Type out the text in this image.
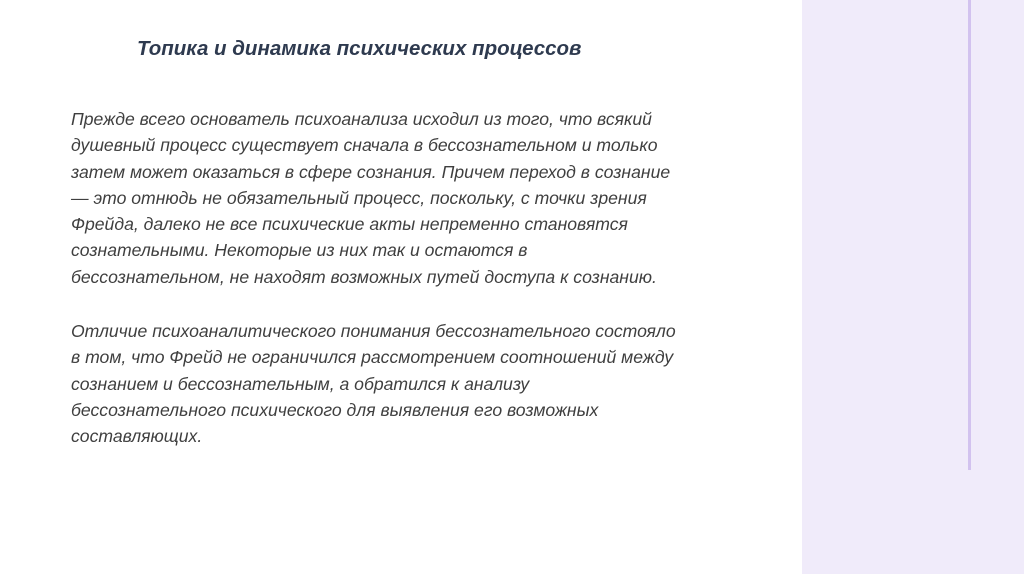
Топика и динамика психических процессов

Прежде всего основатель психоанализа исходил из того, что всякий
душевный процесс существует сначала в бессознательном и только
затем может оказаться в сфере сознания. Причем переход в сознание
— это отнюдь не обязательный процесс, поскольку, с точки зрения
Фрейда, далеко не все психические акты непременно становятся
сознательными. Некоторые из них так и остаются в
бессознательном, не находят возможных путей доступа к сознанию.

Отличие психоаналитического понимания бессознательного состояло
в том, что Фрейд не ограничился рассмотрением соотношений между
сознанием и бессознательным, а обратился к анализу
бессознательного психического для выявления его возможных
составляющих.
